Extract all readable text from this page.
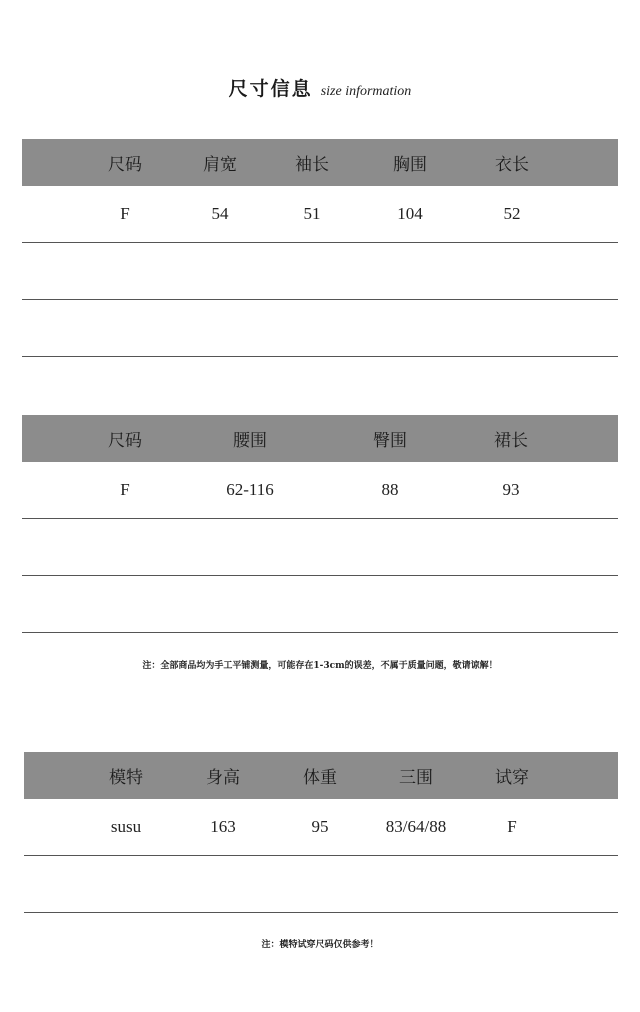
尺寸信息 size information
尺码	肩宽	袖长	胸围	衣长
F	54	51	104	52
尺码	腰围	臀围	裙长
F	62-116	88	93
注：全部商品均为手工平铺测量，可能存在1-3cm的误差，不属于质量问题，敬请谅解！
模特	身高	体重	三围	试穿
susu	163	95	83/64/88	F
注：模特试穿尺码仅供参考！
